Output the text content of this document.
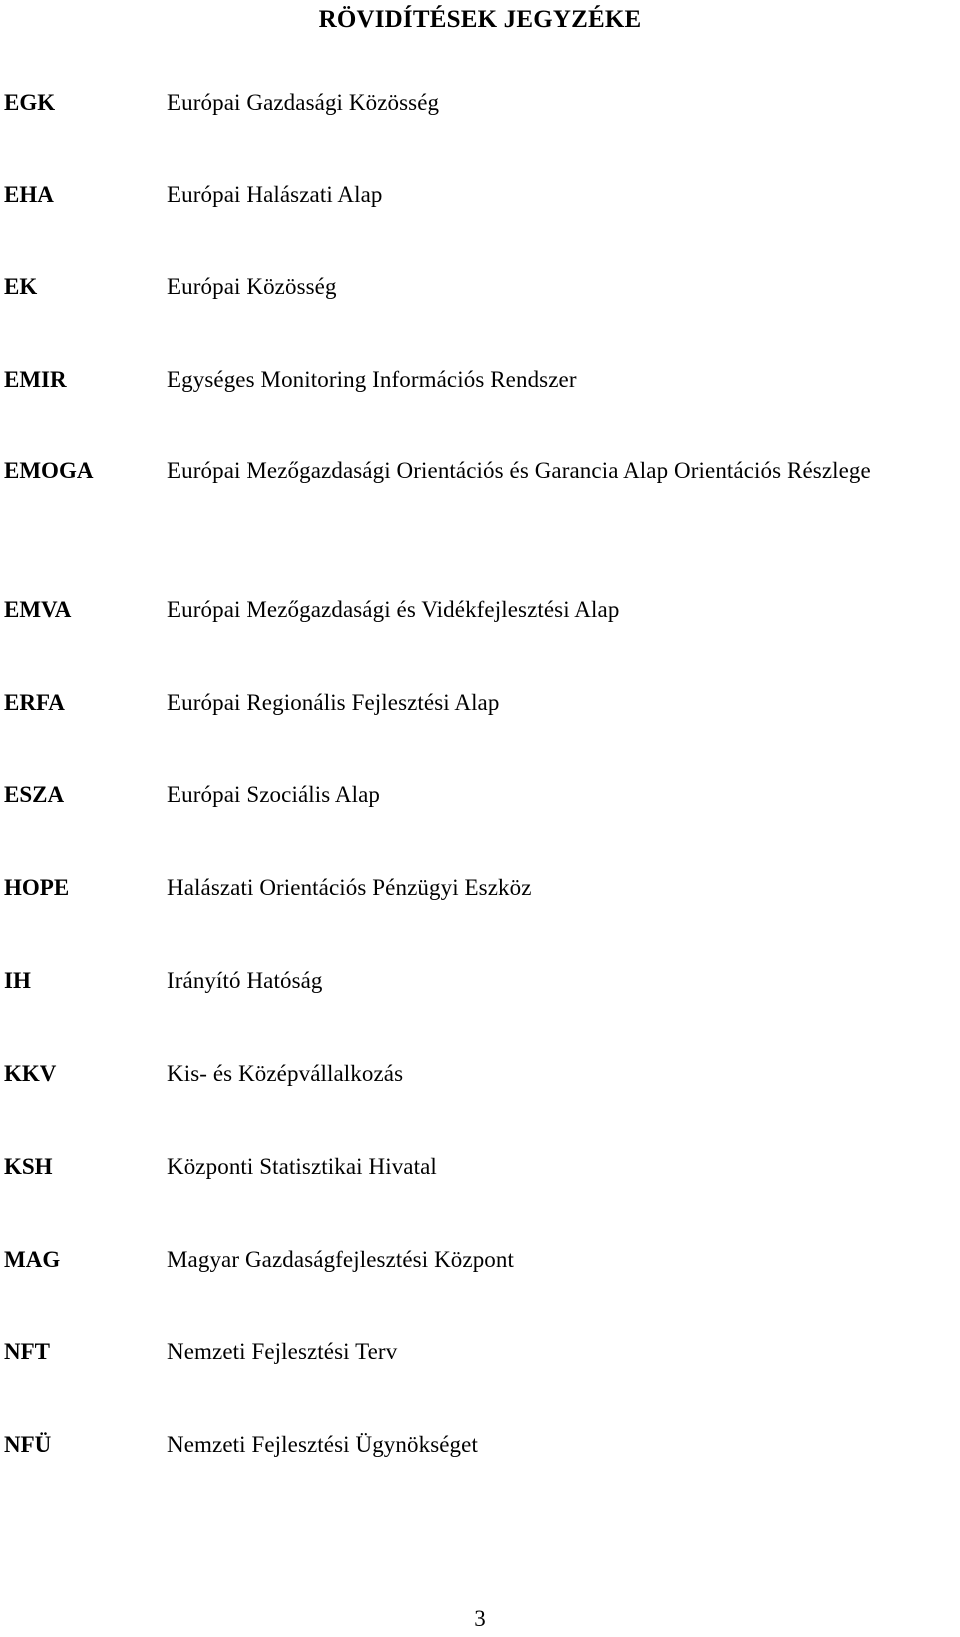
RÖVIDÍTÉSEK JEGYZÉKE
EGK	Európai Gazdasági Közösség
EHA	Európai Halászati Alap
EK	Európai Közösség
EMIR	Egységes Monitoring Információs Rendszer
EMOGA	Európai Mezőgazdasági Orientációs és Garancia Alap Orientációs Részlege
EMVA	Európai Mezőgazdasági és Vidékfejlesztési Alap
ERFA	Európai Regionális Fejlesztési Alap
ESZA	Európai Szociális Alap
HOPE	Halászati Orientációs Pénzügyi Eszköz
IH	Irányító Hatóság
KKV	Kis- és Középvállalkozás
KSH	Központi Statisztikai Hivatal
MAG	Magyar Gazdaságfejlesztési Központ
NFT	Nemzeti Fejlesztési Terv
NFÜ	Nemzeti Fejlesztési Ügynökséget
3
